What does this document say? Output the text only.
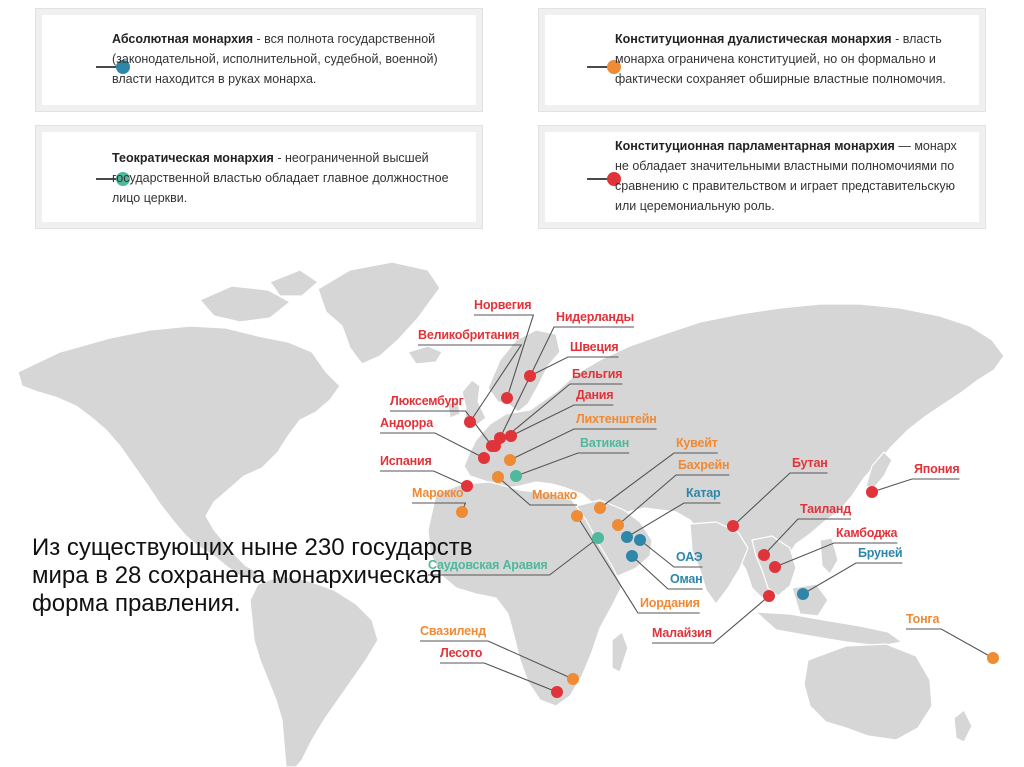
Абсолютная монархия - вся полнота государственной
(законодательной, исполнительной, судебной, военной)
власти находится в руках монарха.
Конституционная дуалистическая монархия - власть
монарха ограничена конституцией, но он формально и
фактически сохраняет обширные властные полномочия.
Теократическая монархия - неограниченной высшей
государственной властью обладает главное должностное
лицо церкви.
Конституционная парламентарная монархия — монарх
не обладает значительными властными полномочиями по
сравнению с правительством и играет представительскую
или церемониальную роль.
Норвегия
Великобритания
Люксембург
Андорра
Испания
Марокко
Нидерланды
Швеция
Бельгия
Дания
Лихтенштейн
Ватикан
Монако
Кувейт
Бахрейн
Катар
Саудовская Аравия
ОАЭ
Оман
Иордания
Свазиленд
Лесото
Бутан
Таиланд
Камбоджа
Бруней
Малайзия
Япония
Тонга
Из существующих ныне 230 государств мира в 28 сохранена монархическая форма правления.
